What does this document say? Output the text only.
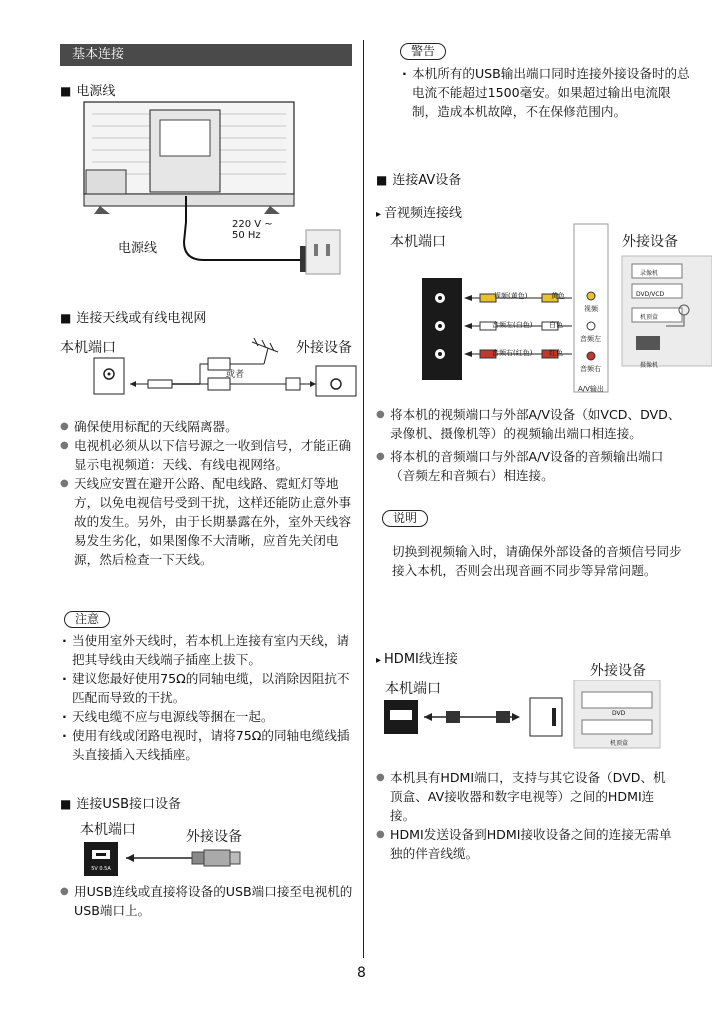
基本连接
■ 电源线
220 V ~
50 Hz
电源线
■ 连接天线或有线电视网
本机端口	外接设备
或者
● 确保使用标配的天线隔离器。
● 电视机必须从以下信号源之一收到信号，才能正确显示电视频道：天线、有线电视网络。
● 天线应安置在避开公路、配电线路、霓虹灯等地方，以免电视信号受到干扰，这样还能防止意外事故的发生。另外，由于长期暴露在外，室外天线容易发生劣化，如果图像不大清晰，应首先关闭电源，然后检查一下天线。
注意
· 当使用室外天线时，若本机上连接有室内天线，请把其导线由天线端子插座上拔下。
· 建议您最好使用75Ω的同轴电缆，以消除因阻抗不匹配而导致的干扰。
· 天线电缆不应与电源线等捆在一起。
· 使用有线或闭路电视时，请将75Ω的同轴电缆线插头直接插入天线插座。
■ 连接USB接口设备
本机端口	外接设备
5V 0.5A
● 用USB连线或直接将设备的USB端口接至电视机的USB端口上。
警告
· 本机所有的USB输出端口同时连接外接设备时的总电流不能超过1500毫安。如果超过输出电流限制，造成本机故障，不在保修范围内。
■ 连接AV设备
▸ 音视频连接线
本机端口	外接设备
视频(黄色)	黄色
音频左(白色) 白色
音频右(红色) 红色
视频
音频左
音频右
A/V输出
录像机
DVD/VCD
机顶盒
摄像机
● 将本机的视频端口与外部A/V设备（如VCD、DVD、录像机、摄像机等）的视频输出端口相连接。
● 将本机的音频端口与外部A/V设备的音频输出端口（音频左和音频右）相连接。
说明
切换到视频输入时，请确保外部设备的音频信号同步接入本机，否则会出现音画不同步等异常问题。
▸ HDMI线连接
外接设备
本机端口
DVD
机顶盒
● 本机具有HDMI端口，支持与其它设备（DVD、机顶盒、AV接收器和数字电视等）之间的HDMI连接。
● HDMI发送设备到HDMI接收设备之间的连接无需单独的伴音线缆。
8
